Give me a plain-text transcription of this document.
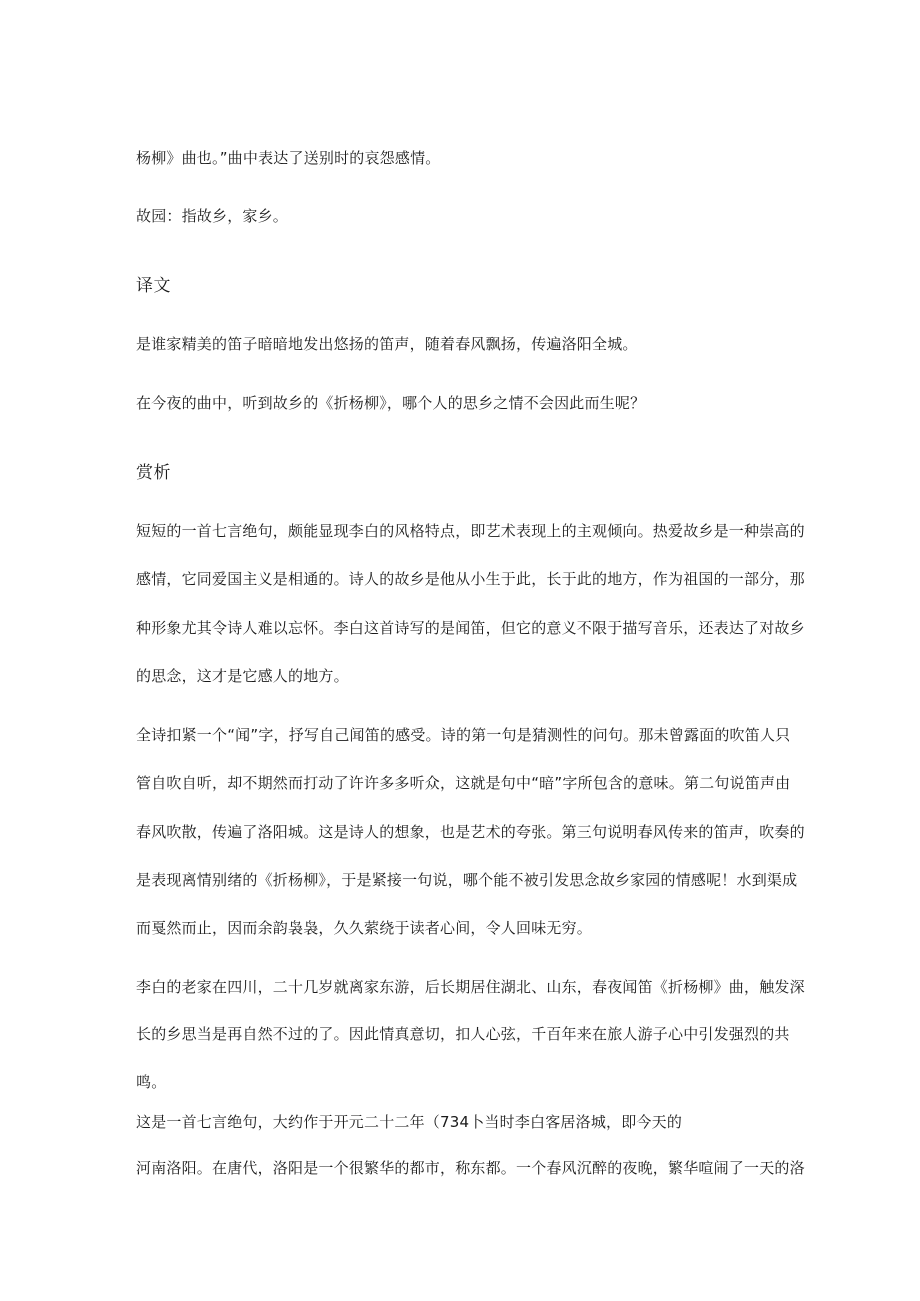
杨柳》曲也。”曲中表达了送别时的哀怨感情。
故园：指故乡，家乡。
译文
是谁家精美的笛子暗暗地发出悠扬的笛声，随着春风飘扬，传遍洛阳全城。
在今夜的曲中，听到故乡的《折杨柳》，哪个人的思乡之情不会因此而生呢？
赏析
短短的一首七言绝句，颇能显现李白的风格特点，即艺术表现上的主观倾向。热爱故乡是一种崇高的
感情，它同爱国主义是相通的。诗人的故乡是他从小生于此，长于此的地方，作为祖国的一部分，那
种形象尤其令诗人难以忘怀。李白这首诗写的是闻笛，但它的意义不限于描写音乐，还表达了对故乡
的思念，这才是它感人的地方。
全诗扣紧一个“闻”字，抒写自己闻笛的感受。诗的第一句是猜测性的问句。那未曾露面的吹笛人只
管自吹自听，却不期然而打动了许许多多听众，这就是句中“暗”字所包含的意味。第二句说笛声由
春风吹散，传遍了洛阳城。这是诗人的想象，也是艺术的夸张。第三句说明春风传来的笛声，吹奏的
是表现离情别绪的《折杨柳》，于是紧接一句说，哪个能不被引发思念故乡家园的情感呢！水到渠成
而戛然而止，因而余韵袅袅，久久萦绕于读者心间，令人回味无穷。
李白的老家在四川，二十几岁就离家东游，后长期居住湖北、山东，春夜闻笛《折杨柳》曲，触发深
长的乡思当是再自然不过的了。因此情真意切，扣人心弦，千百年来在旅人游子心中引发强烈的共
鸣。
这是一首七言绝句，大约作于开元二十二年（734卜当时李白客居洛城，即今天的
河南洛阳。在唐代，洛阳是一个很繁华的都市，称东都。一个春风沉醉的夜晚，繁华喧闹了一天的洛
